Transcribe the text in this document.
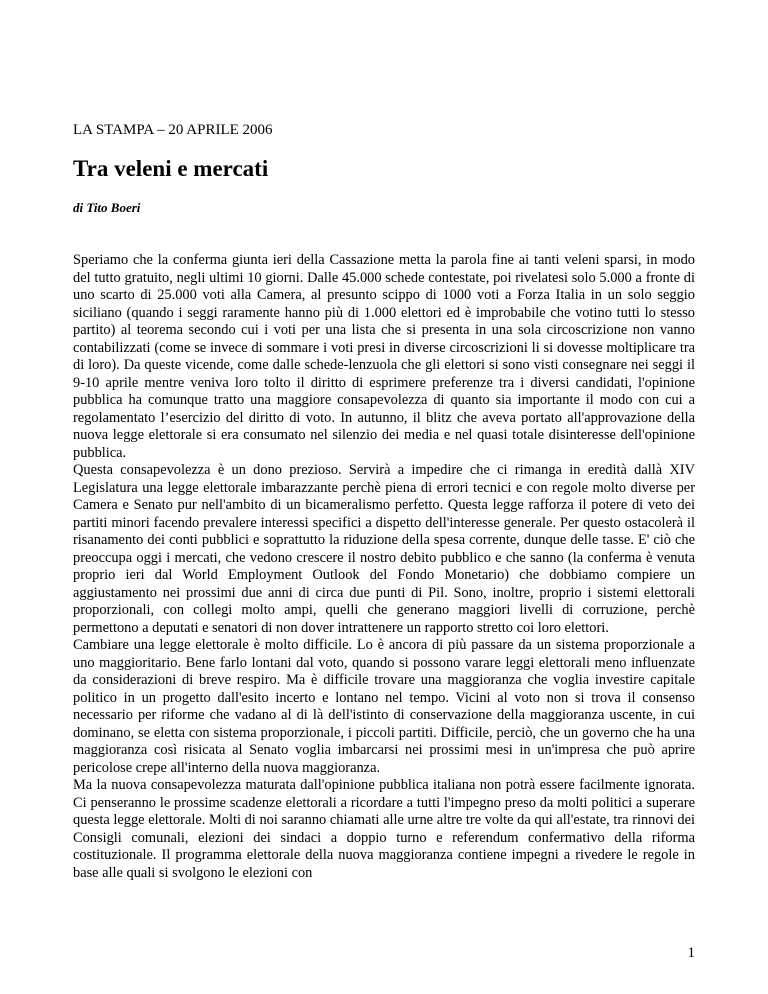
LA STAMPA – 20 APRILE 2006

Tra veleni e mercati

di Tito Boeri

Speriamo che la conferma giunta ieri della Cassazione metta la parola fine ai tanti veleni sparsi, in modo del tutto gratuito, negli ultimi 10 giorni. Dalle 45.000 schede contestate, poi rivelatesi solo 5.000 a fronte di uno scarto di 25.000 voti alla Camera, al presunto scippo di 1000 voti a Forza Italia in un solo seggio siciliano (quando i seggi raramente hanno più di 1.000 elettori ed è improbabile che votino tutti lo stesso partito) al teorema secondo cui i voti per una lista che si presenta in una sola circoscrizione non vanno contabilizzati (come se invece di sommare i voti presi in diverse circoscrizioni li si dovesse moltiplicare tra di loro). Da queste vicende, come dalle schede-lenzuola che gli elettori si sono visti consegnare nei seggi il 9-10 aprile mentre veniva loro tolto il diritto di esprimere preferenze tra i diversi candidati, l'opinione pubblica ha comunque tratto una maggiore consapevolezza di quanto sia importante il modo con cui a regolamentato l’esercizio del diritto di voto. In autunno, il blitz che aveva portato all'approvazione della nuova legge elettorale si era consumato nel silenzio dei media e nel quasi totale disinteresse dell'opinione pubblica.

Questa consapevolezza è un dono prezioso. Servirà a impedire che ci rimanga in eredità dallà XIV Legislatura una legge elettorale imbarazzante perchè piena di errori tecnici e con regole molto diverse per Camera e Senato pur nell'ambito di un bicameralismo perfetto. Questa legge rafforza il potere di veto dei partiti minori facendo prevalere interessi specifici a dispetto dell'interesse generale. Per questo ostacolerà il risanamento dei conti pubblici e soprattutto la riduzione della spesa corrente, dunque delle tasse. E' ciò che preoccupa oggi i mercati, che vedono crescere il nostro debito pubblico e che sanno (la conferma è venuta proprio ieri dal World Employment Outlook del Fondo Monetario) che dobbiamo compiere un aggiustamento nei prossimi due anni di circa due punti di Pil. Sono, inoltre, proprio i sistemi elettorali proporzionali, con collegi molto ampi, quelli che generano maggiori livelli di corruzione, perchè permettono a deputati e senatori di non dover intrattenere un rapporto stretto coi loro elettori.

Cambiare una legge elettorale è molto difficile. Lo è ancora di più passare da un sistema proporzionale a uno maggioritario. Bene farlo lontani dal voto, quando si possono varare leggi elettorali meno influenzate da considerazioni di breve respiro. Ma è difficile trovare una maggioranza che voglia investire capitale politico in un progetto dall'esito incerto e lontano nel tempo. Vicini al voto non si trova il consenso necessario per riforme che vadano al di là dell'istinto di conservazione della maggioranza uscente, in cui dominano, se eletta con sistema proporzionale, i piccoli partiti. Difficile, perciò, che un governo che ha una maggioranza così risicata al Senato voglia imbarcarsi nei prossimi mesi in un'impresa che può aprire pericolose crepe all'interno della nuova maggioranza.

Ma la nuova consapevolezza maturata dall'opinione pubblica italiana non potrà essere facilmente ignorata. Ci penseranno le prossime scadenze elettorali a ricordare a tutti l'impegno preso da molti politici a superare questa legge elettorale. Molti di noi saranno chiamati alle urne altre tre volte da qui all'estate, tra rinnovi dei Consigli comunali, elezioni dei sindaci a doppio turno e referendum confermativo della riforma costituzionale. Il programma elettorale della nuova maggioranza contiene impegni a rivedere le regole in base alle quali si svolgono le elezioni con

1
